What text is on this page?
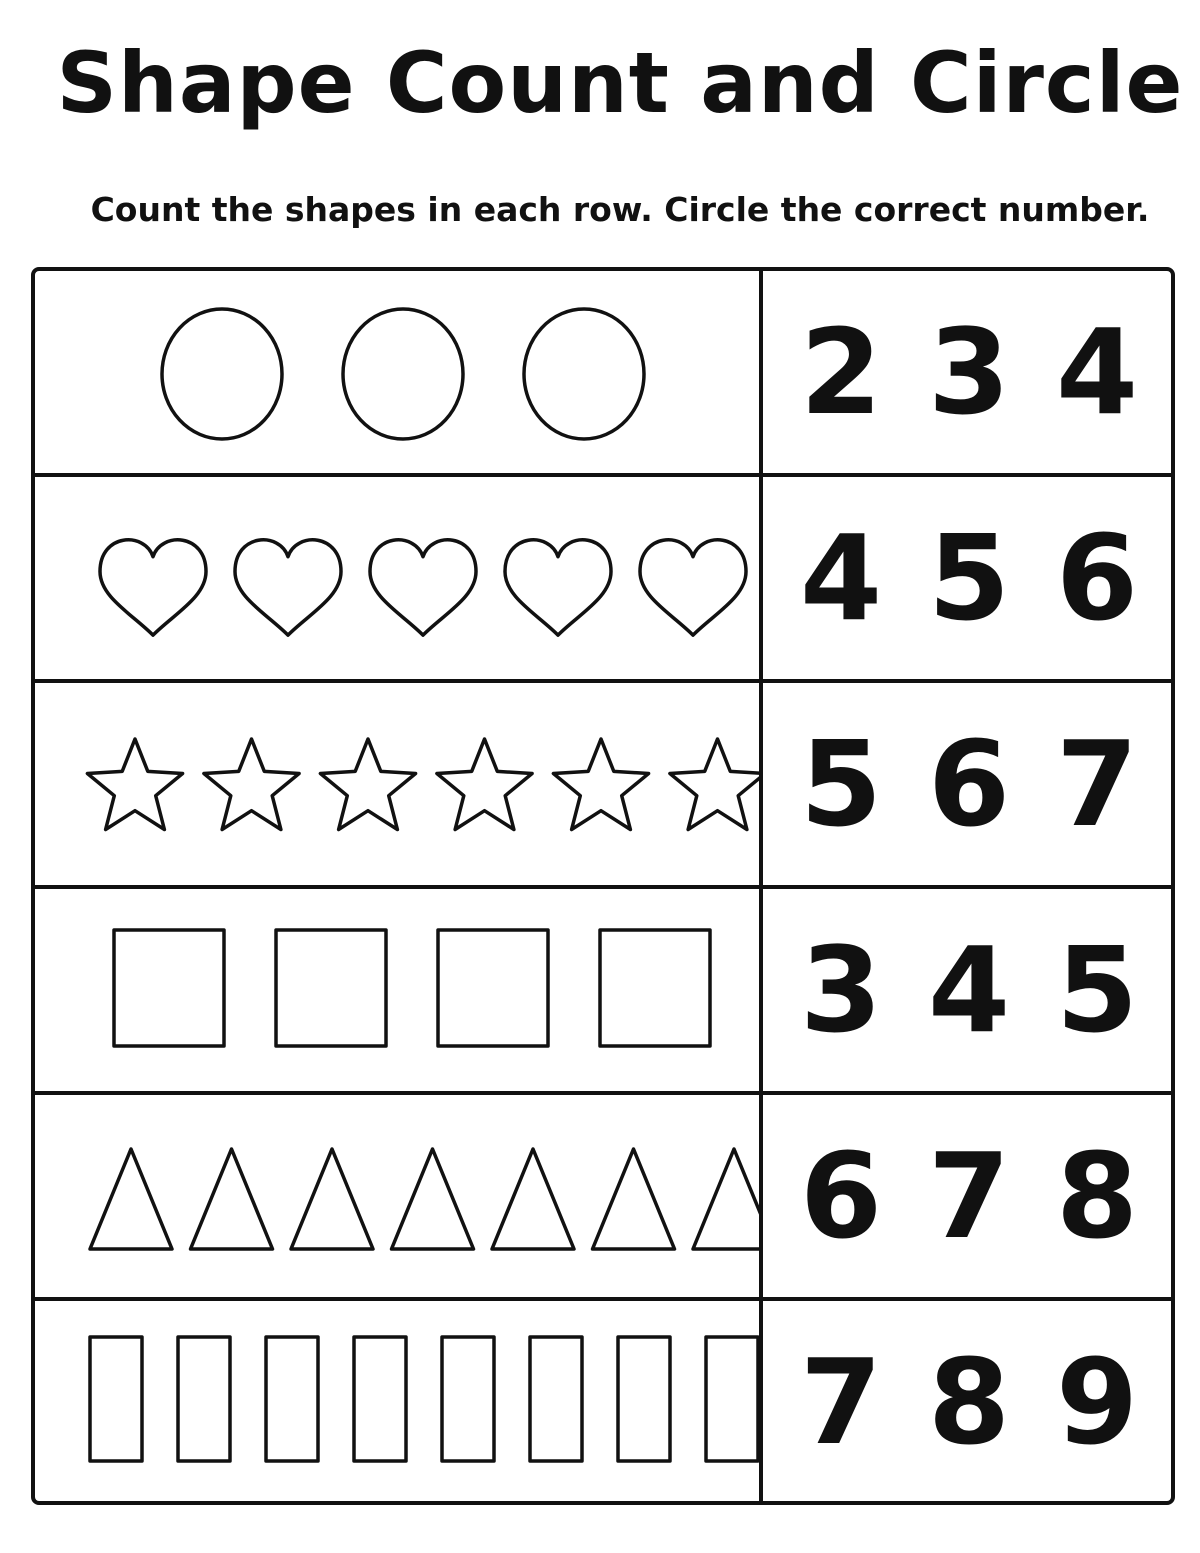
Shape Count and Circle
Count the shapes in each row. Circle the correct number.
2 3 4
4 5 6
5 6 7
3 4 5
6 7 8
7 8 9
